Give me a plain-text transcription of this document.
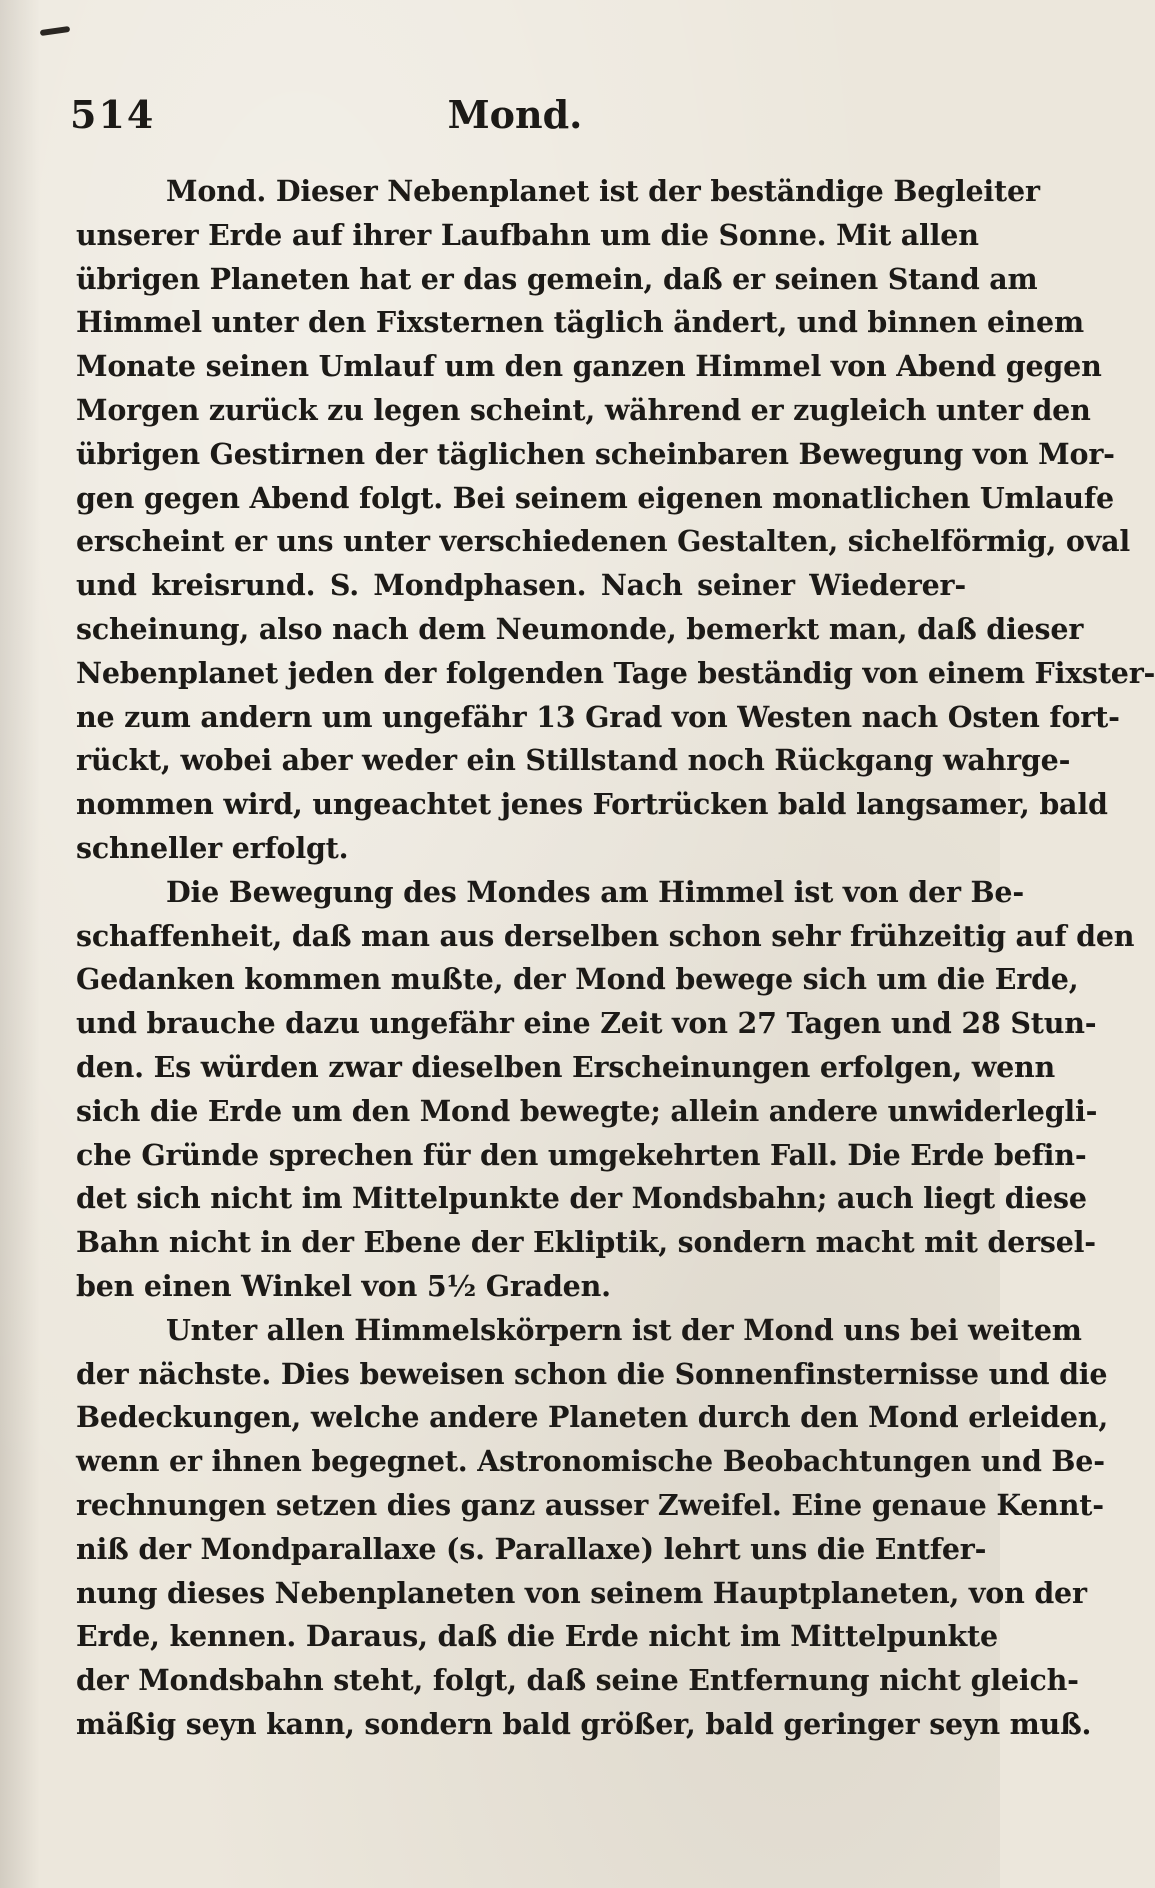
514	Mond.
Mond. Dieser Nebenplanet ist der beständige Begleiter
unserer Erde auf ihrer Laufbahn um die Sonne. Mit allen
übrigen Planeten hat er das gemein, daß er seinen Stand am
Himmel unter den Fixsternen täglich ändert, und binnen einem
Monate seinen Umlauf um den ganzen Himmel von Abend gegen
Morgen zurück zu legen scheint, während er zugleich unter den
übrigen Gestirnen der täglichen scheinbaren Bewegung von Mor-
gen gegen Abend folgt. Bei seinem eigenen monatlichen Umlaufe
erscheint er uns unter verschiedenen Gestalten, sichelförmig, oval
und kreisrund. S. Mondphasen. Nach seiner Wiederer-
scheinung, also nach dem Neumonde, bemerkt man, daß dieser
Nebenplanet jeden der folgenden Tage beständig von einem Fixster-
ne zum andern um ungefähr 13 Grad von Westen nach Osten fort-
rückt, wobei aber weder ein Stillstand noch Rückgang wahrge-
nommen wird, ungeachtet jenes Fortrücken bald langsamer, bald
schneller erfolgt.
Die Bewegung des Mondes am Himmel ist von der Be-
schaffenheit, daß man aus derselben schon sehr frühzeitig auf den
Gedanken kommen mußte, der Mond bewege sich um die Erde,
und brauche dazu ungefähr eine Zeit von 27 Tagen und 28 Stun-
den. Es würden zwar dieselben Erscheinungen erfolgen, wenn
sich die Erde um den Mond bewegte; allein andere unwiderlegli-
che Gründe sprechen für den umgekehrten Fall. Die Erde befin-
det sich nicht im Mittelpunkte der Mondsbahn; auch liegt diese
Bahn nicht in der Ebene der Ekliptik, sondern macht mit dersel-
ben einen Winkel von 5½ Graden.
Unter allen Himmelskörpern ist der Mond uns bei weitem
der nächste. Dies beweisen schon die Sonnenfinsternisse und die
Bedeckungen, welche andere Planeten durch den Mond erleiden,
wenn er ihnen begegnet. Astronomische Beobachtungen und Be-
rechnungen setzen dies ganz ausser Zweifel. Eine genaue Kennt-
niß der Mondparallaxe (s. Parallaxe) lehrt uns die Entfer-
nung dieses Nebenplaneten von seinem Hauptplaneten, von der
Erde, kennen. Daraus, daß die Erde nicht im Mittelpunkte
der Mondsbahn steht, folgt, daß seine Entfernung nicht gleich-
mäßig seyn kann, sondern bald größer, bald geringer seyn muß.
